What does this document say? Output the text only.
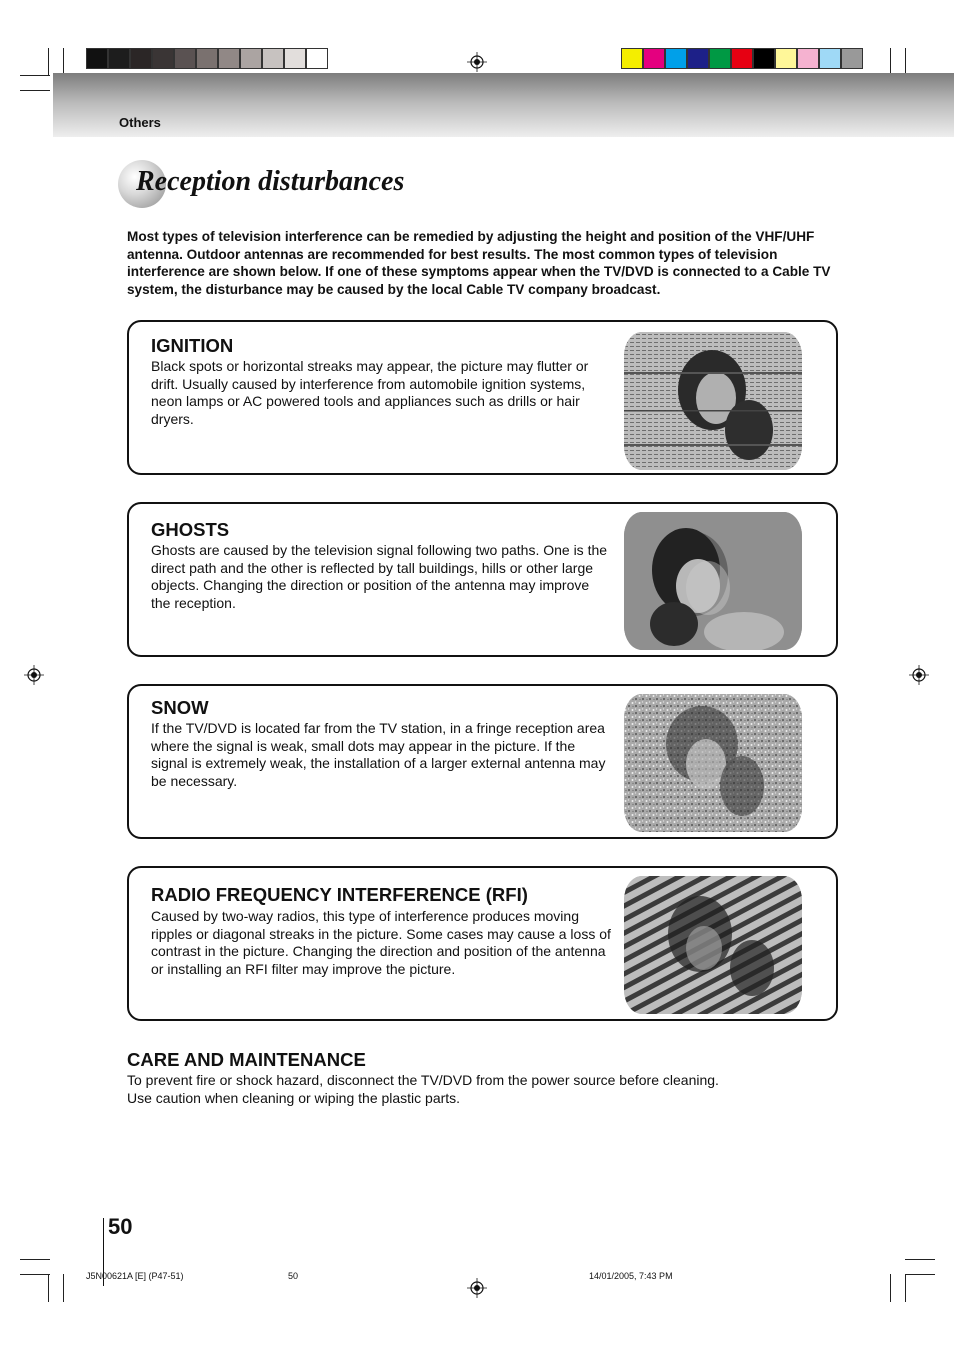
Others
Reception disturbances
Most types of television interference can be remedied by adjusting the height and position of the VHF/UHF antenna. Outdoor antennas are recommended for best results. The most common types of television interference are shown below. If one of these symptoms appear when the TV/DVD is connected to a Cable TV system, the disturbance may be caused by the local Cable TV company broadcast.
IGNITION
Black spots or horizontal streaks may appear, the picture may flutter or drift. Usually caused by interference from automobile ignition systems, neon lamps or AC powered tools and appliances such as drills or hair dryers.
GHOSTS
Ghosts are caused by the television signal following two paths. One is the direct path and the other is reflected by tall buildings, hills or other large objects. Changing the direction or position of the antenna may improve the reception.
SNOW
If the TV/DVD is located far from the TV station, in a fringe reception area where the signal is weak, small dots may appear in the picture. If the signal is extremely weak, the installation of a larger external antenna may be necessary.
RADIO FREQUENCY INTERFERENCE (RFI)
Caused by two-way radios, this type of interference produces moving ripples or diagonal streaks in the picture. Some cases may cause a loss of contrast in the picture. Changing the direction and position of the antenna or installing an RFI filter may improve the picture.
CARE AND MAINTENANCE
To prevent fire or shock hazard, disconnect the TV/DVD from the power source before cleaning.
Use caution when cleaning or wiping the plastic parts.
50
J5N00621A [E] (P47-51)	50	14/01/2005, 7:43 PM
